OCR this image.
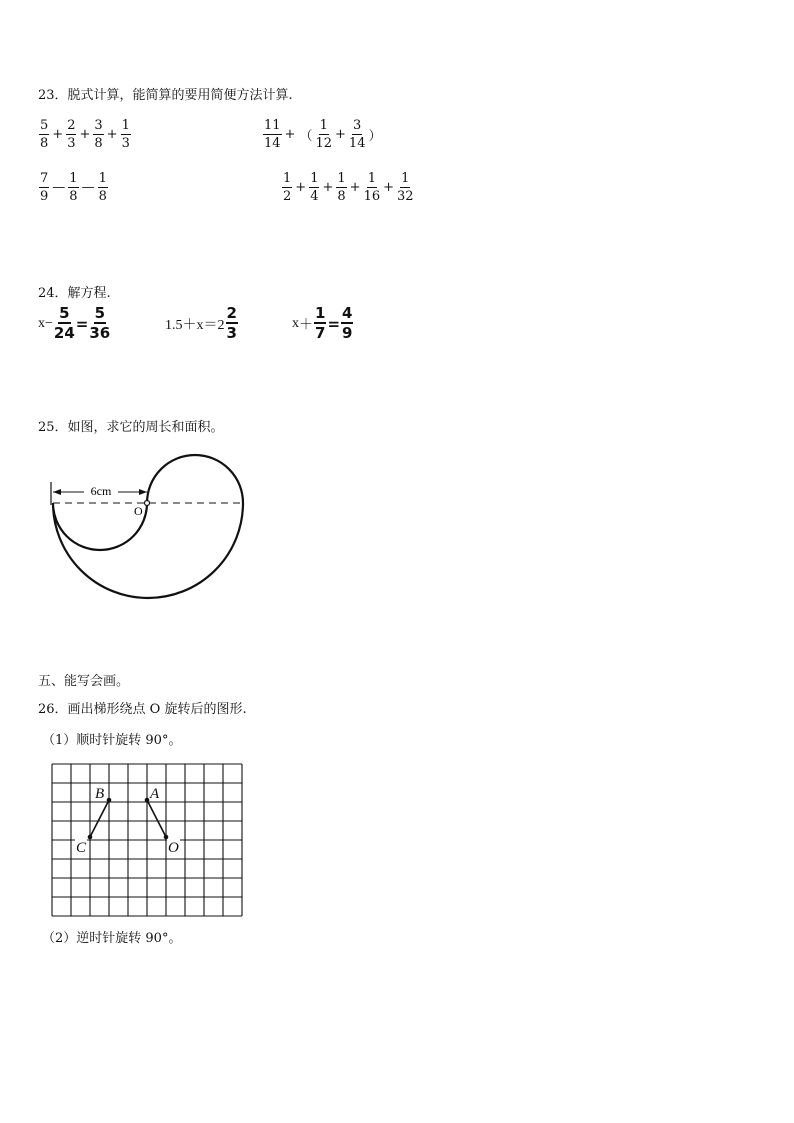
23．脱式计算，能简算的要用简便方法计算.
$\frac{5}{8} + \frac{2}{3} + \frac{3}{8} + \frac{1}{3}$	$\frac{11}{14}$ + （ $\frac{1}{12} + \frac{3}{14}$ ）
$\frac{7}{9}$ — $\frac{1}{8}$ — $\frac{1}{8}$	$\frac{1}{2} + \frac{1}{4} + \frac{1}{8} + \frac{1}{16} + \frac{1}{32}$
24．解方程.
$x - \frac{5}{24} = \frac{5}{36}$	$1.5+x=2 \frac{2}{3}$	$x + \frac{1}{7} = \frac{4}{9}$
25．如图，求它的周长和面积。
6cm
O
五、能写会画。
26．画出梯形绕点 O 旋转后的图形.
（1）顺时针旋转 90°。
B	A
C	O
（2）逆时针旋转 90°。
